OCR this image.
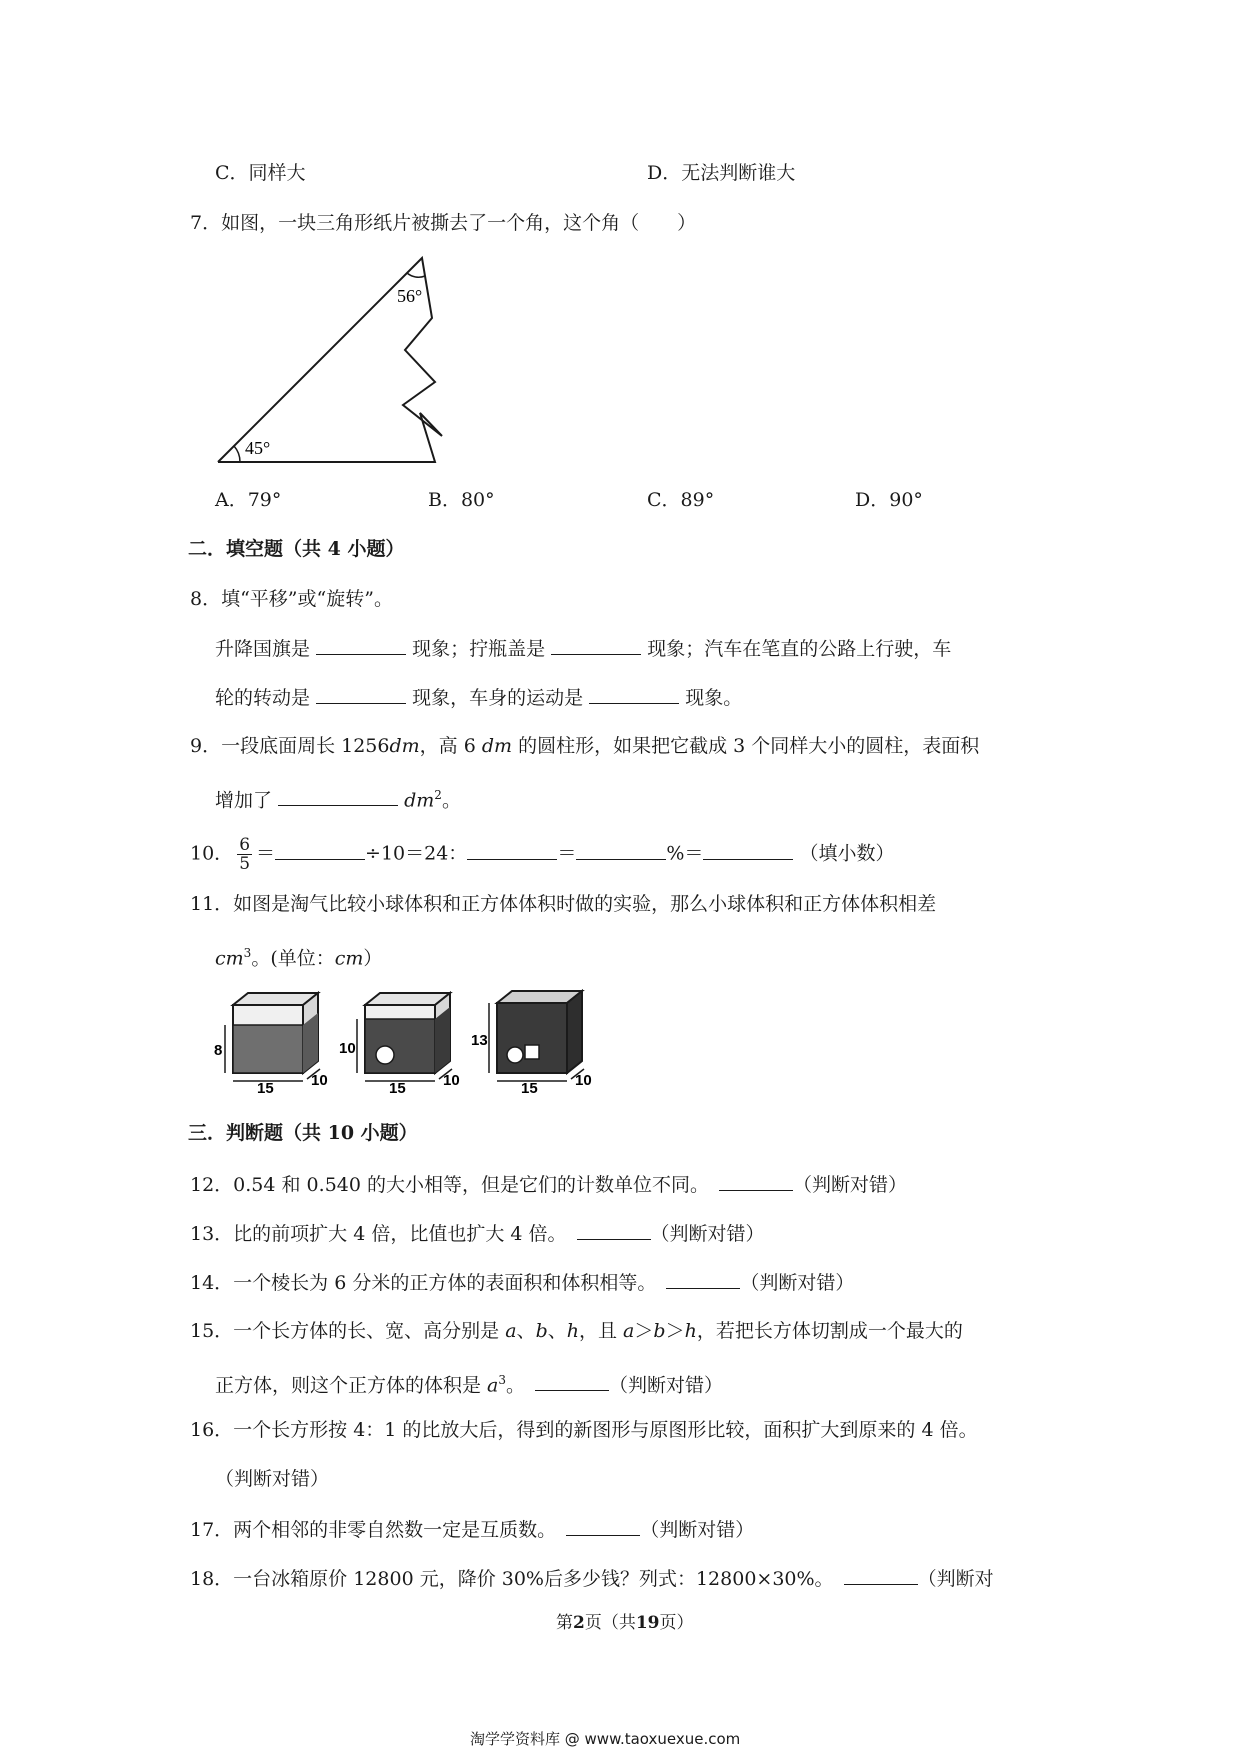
C．同样大	D．无法判断谁大
7．如图，一块三角形纸片被撕去了一个角，这个角（　　）
56°
45°
A．79°	B．80°	C．89°	D．90°
二．填空题（共 4 小题）
8．填“平移”或“旋转”。
升降国旗是	现象；拧瓶盖是	现象；汽车在笔直的公路上行驶，车
轮的转动是	现象，车身的运动是	现象。
9．一段底面周长 1256dm，高 6 dm 的圆柱形，如果把它截成 3 个同样大小的圆柱，表面积
增加了	$dm^2$。
10． $\frac{6}{5}$ ＝	÷10＝24：	＝	%＝	（填小数）
11．如图是淘气比较小球体积和正方体体积时做的实验，那么小球体积和正方体体积相差
$cm^3$。(单位：cm）
8
15 10
10
15 10
13
15 10
三．判断题（共 10 小题）
12．0.54 和 0.540 的大小相等，但是它们的计数单位不同。	（判断对错）
13．比的前项扩大 4 倍，比值也扩大 4 倍。	（判断对错）
14．一个棱长为 6 分米的正方体的表面积和体积相等。	（判断对错）
15．一个长方体的长、宽、高分别是 a、b、h，且 a＞b＞h，若把长方体切割成一个最大的
正方体，则这个正方体的体积是 $a^3$。	（判断对错）
16．一个长方形按 4：1 的比放大后，得到的新图形与原图形比较，面积扩大到原来的 4 倍。
（判断对错）
17．两个相邻的非零自然数一定是互质数。	（判断对错）
18．一台冰箱原价 12800 元，降价 30%后多少钱？列式：12800×30%。	（判断对
第2页（共19页）
淘学学资料库 @ www.taoxuexue.com
